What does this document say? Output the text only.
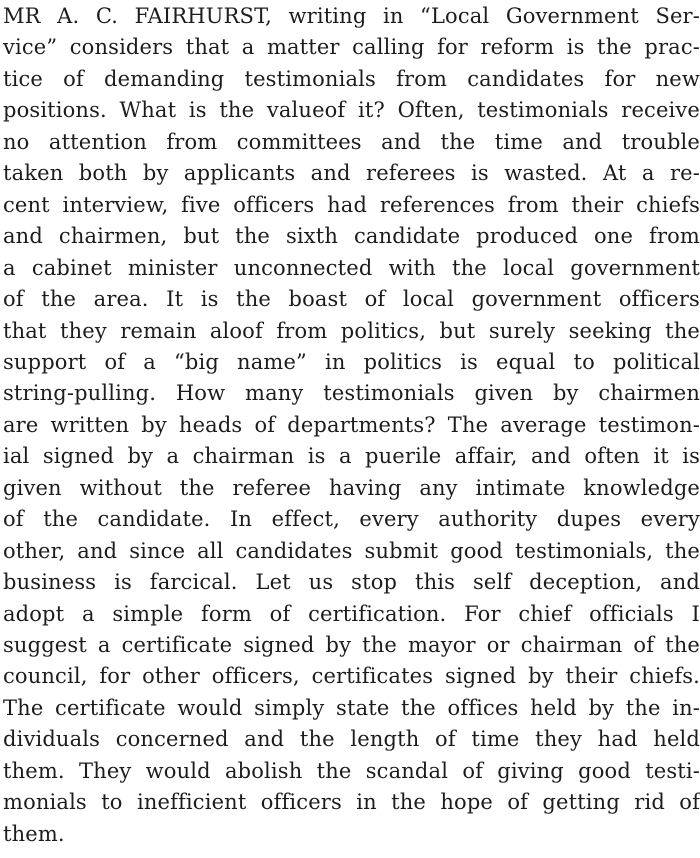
MR A. C. FAIRHURST, writing in “Local Government Ser-
vice” considers that a matter calling for reform is the prac-
tice of demanding testimonials from candidates for new
positions. What is the valueof it? Often, testimonials receive
no attention from committees and the time and trouble
taken both by applicants and referees is wasted. At a re-
cent interview, five officers had references from their chiefs
and chairmen, but the sixth candidate produced one from
a cabinet minister unconnected with the local government
of the area. It is the boast of local government officers
that they remain aloof from politics, but surely seeking the
support of a “big name” in politics is equal to political
string-pulling. How many testimonials given by chairmen
are written by heads of departments? The average testimon-
ial signed by a chairman is a puerile affair, and often it is
given without the referee having any intimate knowledge
of the candidate. In effect, every authority dupes every
other, and since all candidates submit good testimonials, the
business is farcical. Let us stop this self deception, and
adopt a simple form of certification. For chief officials I
suggest a certificate signed by the mayor or chairman of the
council, for other officers, certificates signed by their chiefs.
The certificate would simply state the offices held by the in-
dividuals concerned and the length of time they had held
them. They would abolish the scandal of giving good testi-
monials to inefficient officers in the hope of getting rid of
them.
